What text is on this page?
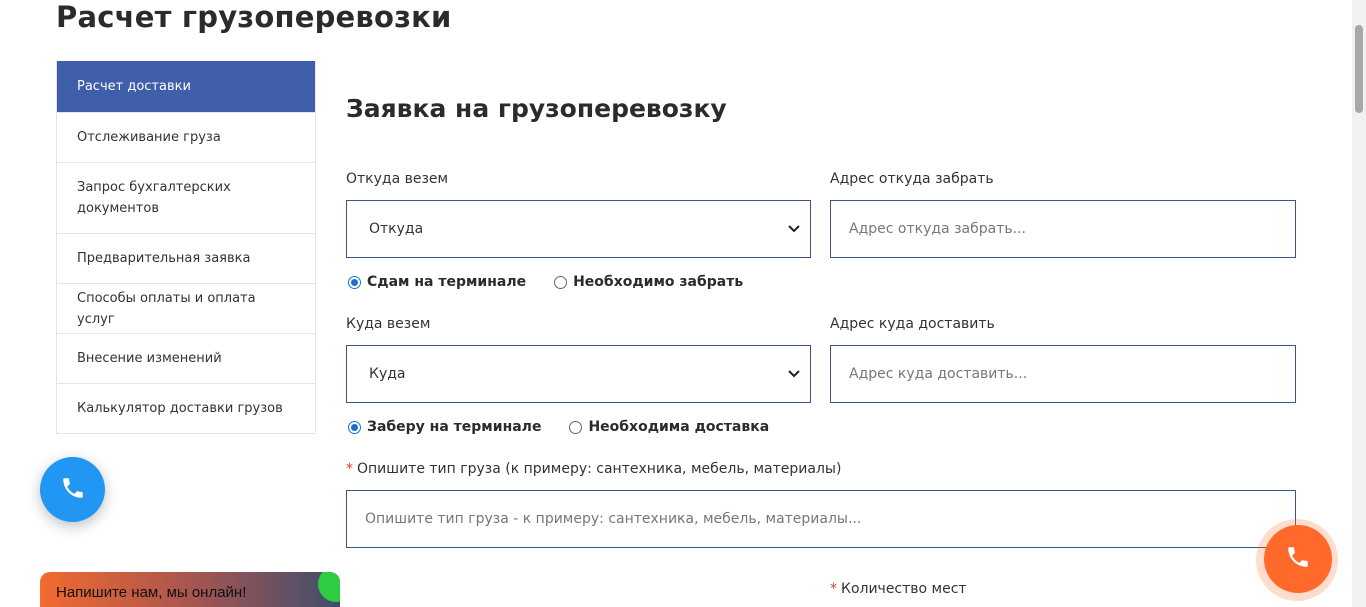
Расчет грузоперевозки
Расчет доставки
Отслеживание груза
Запрос бухгалтерских документов
Предварительная заявка
Способы оплаты и оплата услуг
Внесение изменений
Калькулятор доставки грузов
Заявка на грузоперевозку
Откуда везем
Откуда
Адрес откуда забрать
Адрес откуда забрать...
Сдам на терминале	Необходимо забрать
Куда везем
Куда
Адрес куда доставить
Адрес куда доставить...
Заберу на терминале	Необходима доставка
* Опишите тип груза (к примеру: сантехника, мебель, материалы)
Опишите тип груза - к примеру: сантехника, мебель, материалы...
* Количество мест
Напишите нам, мы онлайн!
